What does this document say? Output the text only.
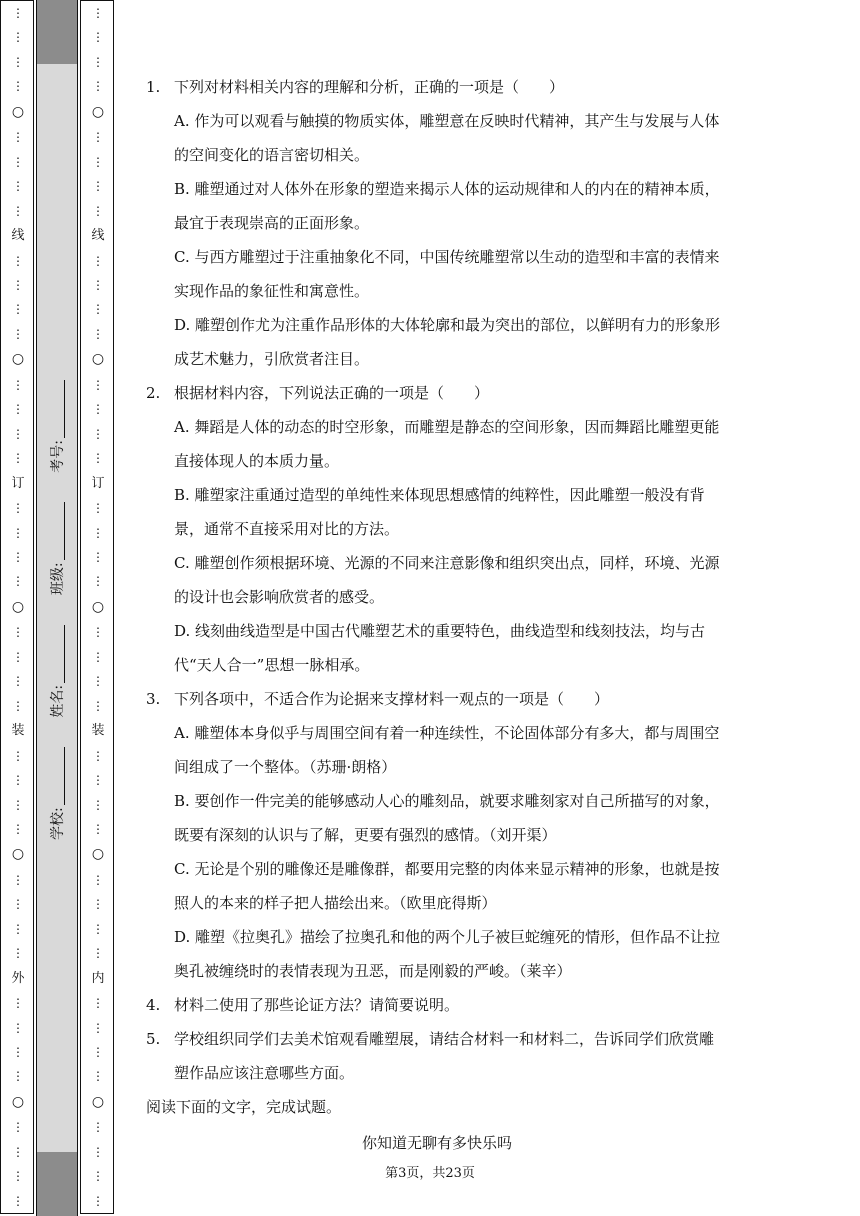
⋮
⋮
⋮
⋮
○
⋮
⋮
⋮
⋮
线
⋮
⋮
⋮
⋮
○
⋮
⋮
⋮
⋮
订
⋮
⋮
⋮
⋮
○
⋮
⋮
⋮
⋮
装
⋮
⋮
⋮
⋮
○
⋮
⋮
⋮
⋮
外
⋮
⋮
⋮
⋮
○
⋮
⋮
⋮
⋮
学校:
姓名:
班级:
考号:
⋮
⋮
⋮
⋮
○
⋮
⋮
⋮
⋮
线
⋮
⋮
⋮
⋮
○
⋮
⋮
⋮
⋮
订
⋮
⋮
⋮
⋮
○
⋮
⋮
⋮
⋮
装
⋮
⋮
⋮
⋮
○
⋮
⋮
⋮
⋮
内
⋮
⋮
⋮
⋮
○
⋮
⋮
⋮
⋮
1. 下列对材料相关内容的理解和分析，正确的一项是（　　）
A. 作为可以观看与触摸的物质实体，雕塑意在反映时代精神，其产生与发展与人体的空间变化的语言密切相关。
B. 雕塑通过对人体外在形象的塑造来揭示人体的运动规律和人的内在的精神本质，最宜于表现崇高的正面形象。
C. 与西方雕塑过于注重抽象化不同，中国传统雕塑常以生动的造型和丰富的表情来实现作品的象征性和寓意性。
D. 雕塑创作尤为注重作品形体的大体轮廓和最为突出的部位，以鲜明有力的形象形成艺术魅力，引欣赏者注目。
2. 根据材料内容，下列说法正确的一项是（　　）
A. 舞蹈是人体的动态的时空形象，而雕塑是静态的空间形象，因而舞蹈比雕塑更能直接体现人的本质力量。
B. 雕塑家注重通过造型的单纯性来体现思想感情的纯粹性，因此雕塑一般没有背景，通常不直接采用对比的方法。
C. 雕塑创作须根据环境、光源的不同来注意影像和组织突出点，同样，环境、光源的设计也会影响欣赏者的感受。
D. 线刻曲线造型是中国古代雕塑艺术的重要特色，曲线造型和线刻技法，均与古代“天人合一”思想一脉相承。
3. 下列各项中，不适合作为论据来支撑材料一观点的一项是（　　）
A. 雕塑体本身似乎与周围空间有着一种连续性，不论固体部分有多大，都与周围空间组成了一个整体。（苏珊·朗格）
B. 要创作一件完美的能够感动人心的雕刻品，就要求雕刻家对自己所描写的对象，既要有深刻的认识与了解，更要有强烈的感情。（刘开渠）
C. 无论是个别的雕像还是雕像群，都要用完整的肉体来显示精神的形象，也就是按照人的本来的样子把人描绘出来。（欧里庇得斯）
D. 雕塑《拉奥孔》描绘了拉奥孔和他的两个儿子被巨蛇缠死的情形，但作品不让拉奥孔被缠绕时的表情表现为丑恶，而是刚毅的严峻。（莱辛）
4. 材料二使用了那些论证方法？请简要说明。
5. 学校组织同学们去美术馆观看雕塑展，请结合材料一和材料二，告诉同学们欣赏雕塑作品应该注意哪些方面。
阅读下面的文字，完成试题。
你知道无聊有多快乐吗
第3页，共23页
